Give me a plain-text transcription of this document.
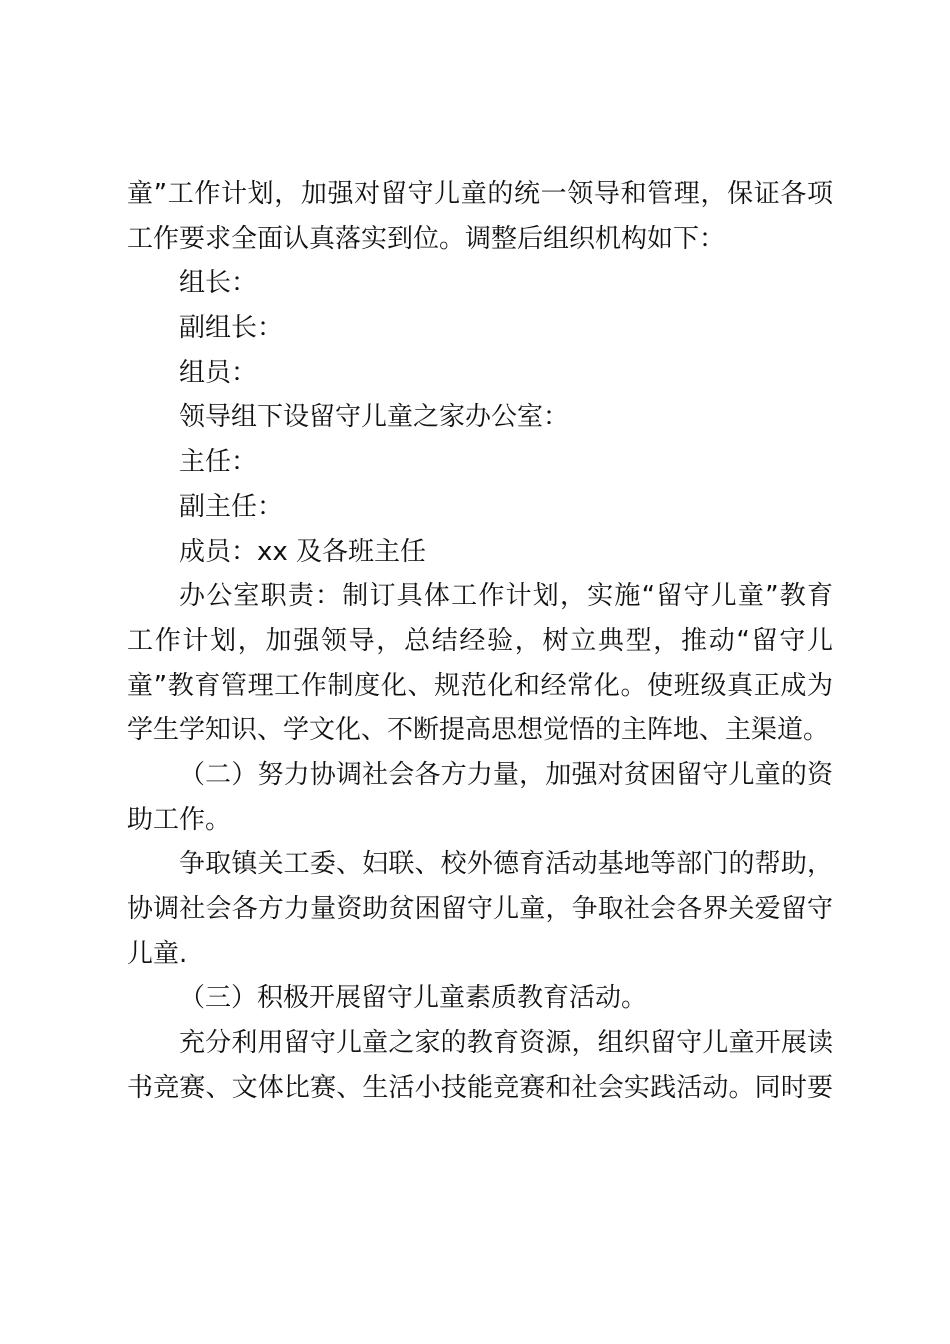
童”工作计划，加强对留守儿童的统一领导和管理，保证各项
工作要求全面认真落实到位。调整后组织机构如下：
组长：
副组长：
组员：
领导组下设留守儿童之家办公室：
主任：
副主任：
成员：xx 及各班主任
办公室职责：制订具体工作计划，实施“留守儿童”教育
工作计划，加强领导，总结经验，树立典型，推动“留守儿
童”教育管理工作制度化、规范化和经常化。使班级真正成为
学生学知识、学文化、不断提高思想觉悟的主阵地、主渠道。
（二）努力协调社会各方力量，加强对贫困留守儿童的资
助工作。
争取镇关工委、妇联、校外德育活动基地等部门的帮助，
协调社会各方力量资助贫困留守儿童，争取社会各界关爱留守
儿童.
（三）积极开展留守儿童素质教育活动。
充分利用留守儿童之家的教育资源，组织留守儿童开展读
书竞赛、文体比赛、生活小技能竞赛和社会实践活动。同时要
